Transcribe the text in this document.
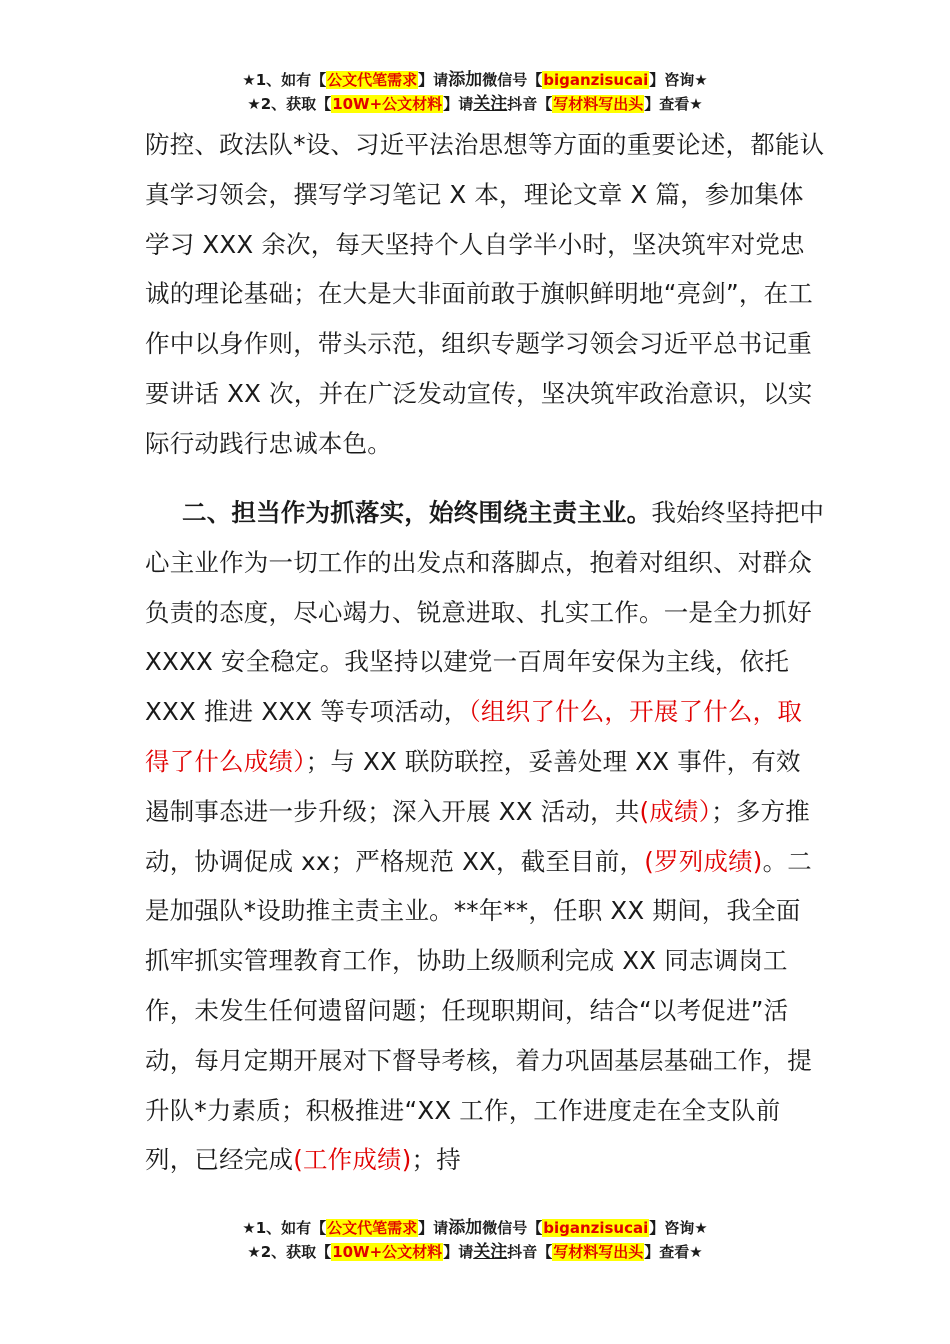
★1、如有【公文代笔需求】请添加微信号【biganzisucai】咨询★
★2、获取【10W+公文材料】请关注抖音【写材料写出头】查看★

防控、政法队*设、习近平法治思想等方面的重要论述，都能认真学习领会，撰写学习笔记 X 本，理论文章 X 篇，参加集体学习 XXX 余次，每天坚持个人自学半小时，坚决筑牢对党忠诚的理论基础；在大是大非面前敢于旗帜鲜明地“亮剑”，在工作中以身作则，带头示范，组织专题学习领会习近平总书记重要讲话 XX 次，并在广泛发动宣传，坚决筑牢政治意识，以实际行动践行忠诚本色。

二、担当作为抓落实，始终围绕主责主业。我始终坚持把中心主业作为一切工作的出发点和落脚点，抱着对组织、对群众负责的态度，尽心竭力、锐意进取、扎实工作。一是全力抓好 XXXX 安全稳定。我坚持以建党一百周年安保为主线，依托 XXX 推进 XXX 等专项活动，（组织了什么，开展了什么，取得了什么成绩）；与 XX 联防联控，妥善处理 XX 事件，有效遏制事态进一步升级；深入开展 XX 活动，共(成绩）；多方推动，协调促成 xx；严格规范 XX，截至目前，(罗列成绩)。二是加强队*设助推主责主业。**年**，任职 XX 期间，我全面抓牢抓实管理教育工作，协助上级顺利完成 XX 同志调岗工作，未发生任何遗留问题；任现职期间，结合“以考促进”活动，每月定期开展对下督导考核，着力巩固基层基础工作，提升队*力素质；积极推进“XX 工作，工作进度走在全支队前列，已经完成(工作成绩)；持

★1、如有【公文代笔需求】请添加微信号【biganzisucai】咨询★
★2、获取【10W+公文材料】请关注抖音【写材料写出头】查看★
